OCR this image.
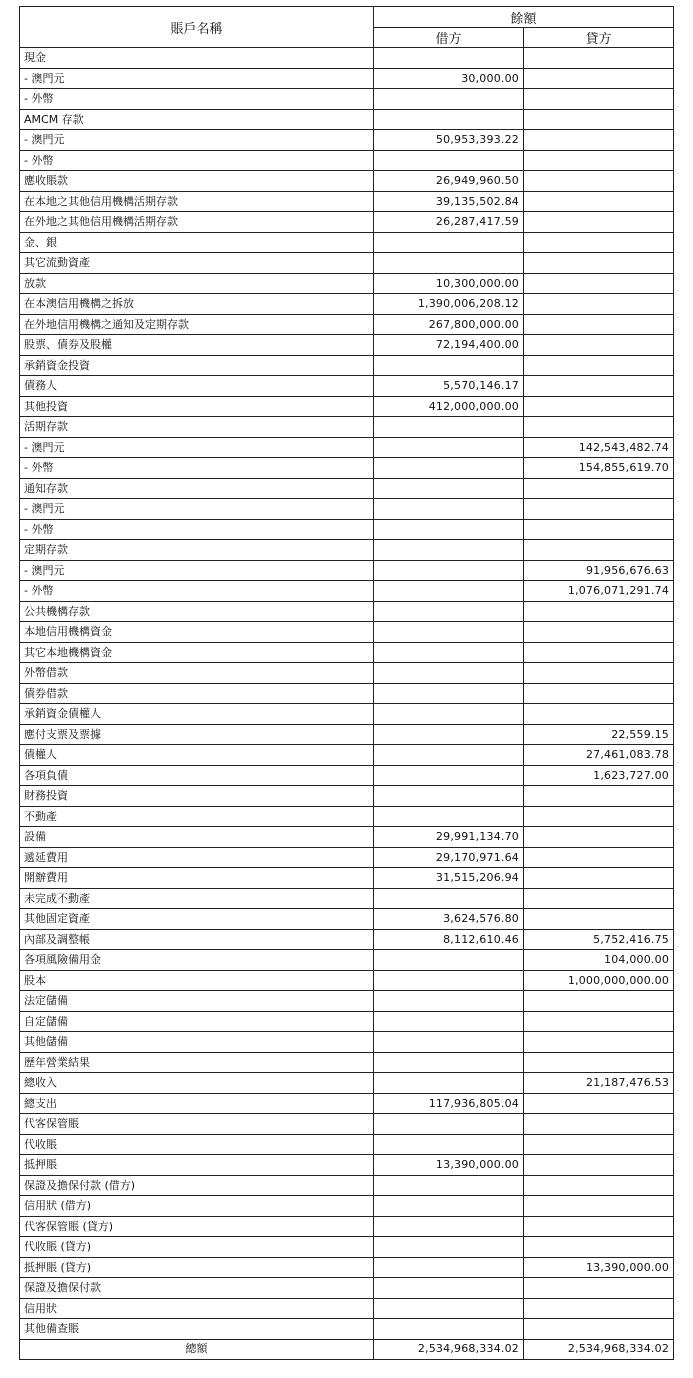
賬戶名稱	餘額	
	借方	貸方
現金		
- 澳門元	30,000.00	
- 外幣		
AMCM 存款		
- 澳門元	50,953,393.22	
- 外幣		
應收賬款	26,949,960.50	
在本地之其他信用機構活期存款	39,135,502.84	
在外地之其他信用機構活期存款	26,287,417.59	
金、銀		
其它流動資產		
放款	10,300,000.00	
在本澳信用機構之拆放	1,390,006,208.12	
在外地信用機構之通知及定期存款	267,800,000.00	
股票、債券及股權	72,194,400.00	
承銷資金投資		
債務人	5,570,146.17	
其他投資	412,000,000.00	
活期存款		
- 澳門元		142,543,482.74
- 外幣		154,855,619.70
通知存款		
- 澳門元		
- 外幣		
定期存款		
- 澳門元		91,956,676.63
- 外幣		1,076,071,291.74
公共機構存款		
本地信用機構資金		
其它本地機構資金		
外幣借款		
債券借款		
承銷資金債權人		
應付支票及票據		22,559.15
債權人		27,461,083.78
各項負債		1,623,727.00
財務投資		
不動產		
設備	29,991,134.70	
遞延費用	29,170,971.64	
開辦費用	31,515,206.94	
未完成不動產		
其他固定資產	3,624,576.80	
內部及調整帳	8,112,610.46	5,752,416.75
各項風險備用金		104,000.00
股本		1,000,000,000.00
法定儲備		
自定儲備		
其他儲備		
歷年營業結果		
總收入		21,187,476.53
總支出	117,936,805.04	
代客保管賬		
代收賬		
抵押賬	13,390,000.00	
保證及擔保付款 (借方)		
信用狀 (借方)		
代客保管賬 (貸方)		
代收賬 (貸方)		
抵押賬 (貸方)		13,390,000.00
保證及擔保付款		
信用狀		
其他備查賬		
總額	2,534,968,334.02	2,534,968,334.02
